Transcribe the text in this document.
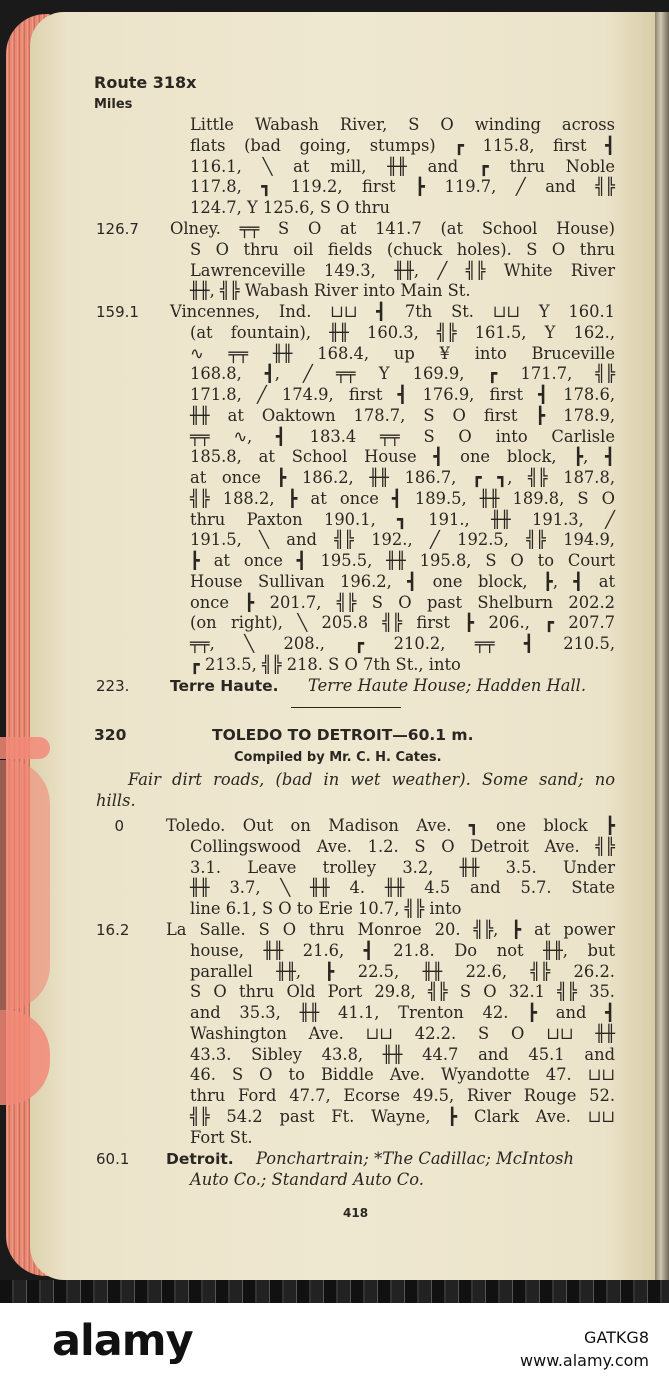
Route 318x
Miles
Little Wabash River, S O winding across
flats (bad going, stumps) ┏ 115.8, first ┫
116.1, ╲ at mill, ╫╫ and ┏ thru Noble
117.8, ┓ 119.2, first ┣ 119.7, ╱ and ╣╠
124.7, Y 125.6, S O thru
126.7	Olney. ╤╤ S O at 141.7 (at School House)
S O thru oil fields (chuck holes). S O thru
Lawrenceville 149.3, ╫╫, ╱ ╣╠ White River
╫╫, ╣╠ Wabash River into Main St.
159.1	Vincennes, Ind. ⊔⊔ ┫ 7th St. ⊔⊔ Y 160.1
(at fountain), ╫╫ 160.3, ╣╠ 161.5, Y 162.,
∿ ╤╤ ╫╫ 168.4, up ¥ into Bruceville
168.8, ┫, ╱ ╤╤ Y 169.9, ┏ 171.7, ╣╠
171.8, ╱ 174.9, first ┫ 176.9, first ┫ 178.6,
╫╫ at Oaktown 178.7, S O first ┣ 178.9,
╤╤ ∿, ┫ 183.4 ╤╤ S O into Carlisle
185.8, at School House ┫ one block, ┣, ┫
at once ┣ 186.2, ╫╫ 186.7, ┏ ┓, ╣╠ 187.8,
╣╠ 188.2, ┣ at once ┫ 189.5, ╫╫ 189.8, S O
thru Paxton 190.1, ┓ 191., ╫╫ 191.3, ╱
191.5, ╲ and ╣╠ 192., ╱ 192.5, ╣╠ 194.9,
┣ at once ┫ 195.5, ╫╫ 195.8, S O to Court
House Sullivan 196.2, ┫ one block, ┣, ┫ at
once ┣ 201.7, ╣╠ S O past Shelburn 202.2
(on right), ╲ 205.8 ╣╠ first ┣ 206., ┏ 207.7
╤╤, ╲ 208., ┏ 210.2, ╤╤ ┫ 210.5,
┏ 213.5, ╣╠ 218. S O 7th St., into
223.	Terre Haute. Terre Haute House; Hadden Hall.
320	TOLEDO TO DETROIT—60.1 m.
Compiled by Mr. C. H. Cates.
Fair dirt roads, (bad in wet weather). Some sand; no
hills.
0	Toledo. Out on Madison Ave. ┓ one block ┣
Collingswood Ave. 1.2. S O Detroit Ave. ╣╠
3.1. Leave trolley 3.2, ╫╫ 3.5. Under
╫╫ 3.7, ╲ ╫╫ 4. ╫╫ 4.5 and 5.7. State
line 6.1, S O to Erie 10.7, ╣╠ into
16.2	La Salle. S O thru Monroe 20. ╣╠, ┣ at power
house, ╫╫ 21.6, ┫ 21.8. Do not ╫╫, but
parallel ╫╫, ┣ 22.5, ╫╫ 22.6, ╣╠ 26.2.
S O thru Old Port 29.8, ╣╠ S O 32.1 ╣╠ 35.
and 35.3, ╫╫ 41.1, Trenton 42. ┣ and ┫
Washington Ave. ⊔⊔ 42.2. S O ⊔⊔ ╫╫
43.3. Sibley 43.8, ╫╫ 44.7 and 45.1 and
46. S O to Biddle Ave. Wyandotte 47. ⊔⊔
thru Ford 47.7, Ecorse 49.5, River Rouge 52.
╣╠ 54.2 past Ft. Wayne, ┣ Clark Ave. ⊔⊔
Fort St.
60.1	Detroit. Ponchartrain; *The Cadillac; McIntosh
Auto Co.; Standard Auto Co.
418
alamy	GATKG8
www.alamy.com
